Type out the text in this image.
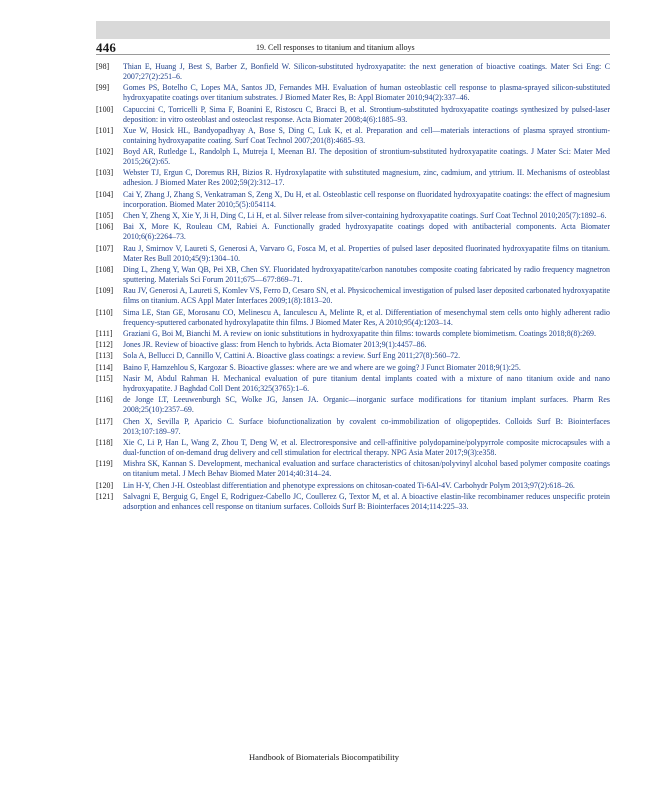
446	19. Cell responses to titanium and titanium alloys
[98]	Thian E, Huang J, Best S, Barber Z, Bonfield W. Silicon-substituted hydroxyapatite: the next generation of bioactive coatings. Mater Sci Eng: C 2007;27(2):251–6.
[99]	Gomes PS, Botelho C, Lopes MA, Santos JD, Fernandes MH. Evaluation of human osteoblastic cell response to plasma-sprayed silicon-substituted hydroxyapatite coatings over titanium substrates. J Biomed Mater Res, B: Appl Biomater 2010;94(2):337–46.
[100]	Capuccini C, Torricelli P, Sima F, Boanini E, Ristoscu C, Bracci B, et al. Strontium-substituted hydroxyapatite coatings synthesized by pulsed-laser deposition: in vitro osteoblast and osteoclast response. Acta Biomater 2008;4(6):1885–93.
[101]	Xue W, Hosick HL, Bandyopadhyay A, Bose S, Ding C, Luk K, et al. Preparation and cell—materials interactions of plasma sprayed strontium-containing hydroxyapatite coating. Surf Coat Technol 2007;201(8):4685–93.
[102]	Boyd AR, Rutledge L, Randolph L, Mutreja I, Meenan BJ. The deposition of strontium-substituted hydroxyapatite coatings. J Mater Sci: Mater Med 2015;26(2):65.
[103]	Webster TJ, Ergun C, Doremus RH, Bizios R. Hydroxylapatite with substituted magnesium, zinc, cadmium, and yttrium. II. Mechanisms of osteoblast adhesion. J Biomed Mater Res 2002;59(2):312–17.
[104]	Cai Y, Zhang J, Zhang S, Venkatraman S, Zeng X, Du H, et al. Osteoblastic cell response on fluoridated hydroxyapatite coatings: the effect of magnesium incorporation. Biomed Mater 2010;5(5):054114.
[105]	Chen Y, Zheng X, Xie Y, Ji H, Ding C, Li H, et al. Silver release from silver-containing hydroxyapatite coatings. Surf Coat Technol 2010;205(7):1892–6.
[106]	Bai X, More K, Rouleau CM, Rabiei A. Functionally graded hydroxyapatite coatings doped with antibacterial components. Acta Biomater 2010;6(6):2264–73.
[107]	Rau J, Smirnov V, Laureti S, Generosi A, Varvaro G, Fosca M, et al. Properties of pulsed laser deposited fluorinated hydroxyapatite films on titanium. Mater Res Bull 2010;45(9):1304–10.
[108]	Ding L, Zheng Y, Wan QB, Pei XB, Chen SY. Fluoridated hydroxyapatite/carbon nanotubes composite coating fabricated by radio frequency magnetron sputtering. Materials Sci Forum 2011;675—677:869–71.
[109]	Rau JV, Generosi A, Laureti S, Komlev VS, Ferro D, Cesaro SN, et al. Physicochemical investigation of pulsed laser deposited carbonated hydroxyapatite films on titanium. ACS Appl Mater Interfaces 2009;1(8):1813–20.
[110]	Sima LE, Stan GE, Morosanu CO, Melinescu A, Ianculescu A, Melinte R, et al. Differentiation of mesenchymal stem cells onto highly adherent radio frequency-sputtered carbonated hydroxylapatite thin films. J Biomed Mater Res, A 2010;95(4):1203–14.
[111]	Graziani G, Boi M, Bianchi M. A review on ionic substitutions in hydroxyapatite thin films: towards complete biomimetism. Coatings 2018;8(8):269.
[112]	Jones JR. Review of bioactive glass: from Hench to hybrids. Acta Biomater 2013;9(1):4457–86.
[113]	Sola A, Bellucci D, Cannillo V, Cattini A. Bioactive glass coatings: a review. Surf Eng 2011;27(8):560–72.
[114]	Baino F, Hamzehlou S, Kargozar S. Bioactive glasses: where are we and where are we going? J Funct Biomater 2018;9(1):25.
[115]	Nasir M, Abdul Rahman H. Mechanical evaluation of pure titanium dental implants coated with a mixture of nano titanium oxide and nano hydroxyapatite. J Baghdad Coll Dent 2016;325(3765):1–6.
[116]	de Jonge LT, Leeuwenburgh SC, Wolke JG, Jansen JA. Organic—inorganic surface modifications for titanium implant surfaces. Pharm Res 2008;25(10):2357–69.
[117]	Chen X, Sevilla P, Aparicio C. Surface biofunctionalization by covalent co-immobilization of oligopeptides. Colloids Surf B: Biointerfaces 2013;107:189–97.
[118]	Xie C, Li P, Han L, Wang Z, Zhou T, Deng W, et al. Electroresponsive and cell-affinitive polydopamine/polypyrrole composite microcapsules with a dual-function of on-demand drug delivery and cell stimulation for electrical therapy. NPG Asia Mater 2017;9(3):e358.
[119]	Mishra SK, Kannan S. Development, mechanical evaluation and surface characteristics of chitosan/polyvinyl alcohol based polymer composite coatings on titanium metal. J Mech Behav Biomed Mater 2014;40:314–24.
[120]	Lin H-Y, Chen J-H. Osteoblast differentiation and phenotype expressions on chitosan-coated Ti-6Al-4V. Carbohydr Polym 2013;97(2):618–26.
[121]	Salvagni E, Berguig G, Engel E, Rodriguez-Cabello JC, Coullerez G, Textor M, et al. A bioactive elastin-like recombinamer reduces unspecific protein adsorption and enhances cell response on titanium surfaces. Colloids Surf B: Biointerfaces 2014;114:225–33.
Handbook of Biomaterials Biocompatibility
